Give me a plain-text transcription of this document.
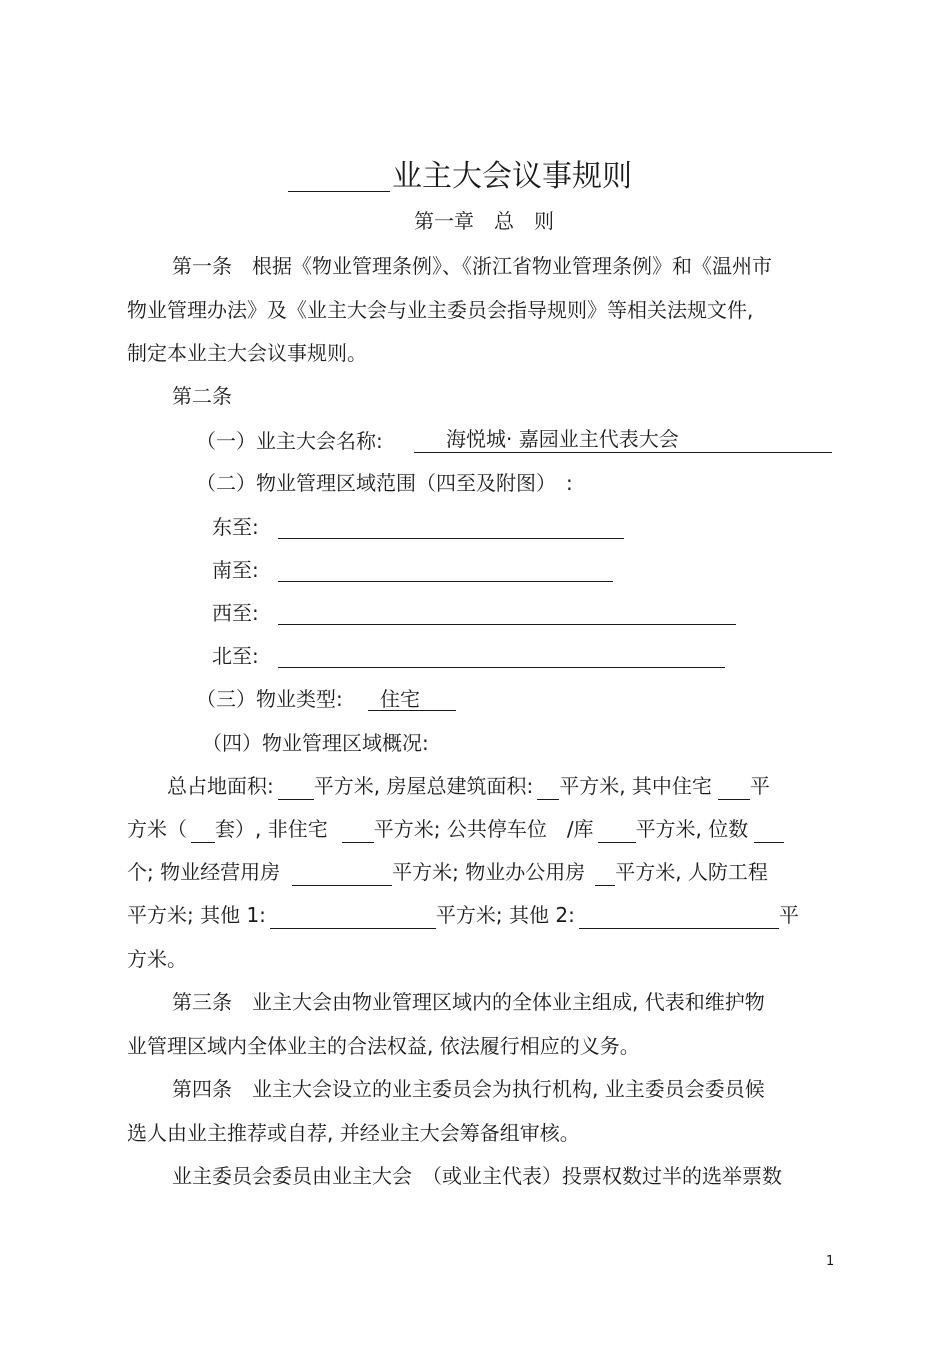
业主大会议事规则
第一章　总　则
第一条　根据《物业管理条例》、《浙江省物业管理条例》和《温州市
物业管理办法》及《业主大会与业主委员会指导规则》等相关法规文件,
制定本业主大会议事规则。
第二条
（一）业主大会名称:	海悦城· 嘉园业主代表大会
（二）物业管理区域范围（四至及附图）　:
东至:
南至:
西至:
北至:
（三）物业类型: 住宅
（四）物业管理区域概况:
总占地面积: 平方米, 房屋总建筑面积: 平方米, 其中住宅 平
方米（ 套）, 非住宅 平方米; 公共停车位　/库 平方米, 位数
个; 物业经营用房	平方米; 物业办公用房 平方米, 人防工程
平方米; 其他 1:	平方米; 其他 2:	平
方米。
第三条　业主大会由物业管理区域内的全体业主组成, 代表和维护物
业管理区域内全体业主的合法权益, 依法履行相应的义务。
第四条　业主大会设立的业主委员会为执行机构, 业主委员会委员候
选人由业主推荐或自荐, 并经业主大会筹备组审核。
业主委员会委员由业主大会　（或业主代表）投票权数过半的选举票数
1
